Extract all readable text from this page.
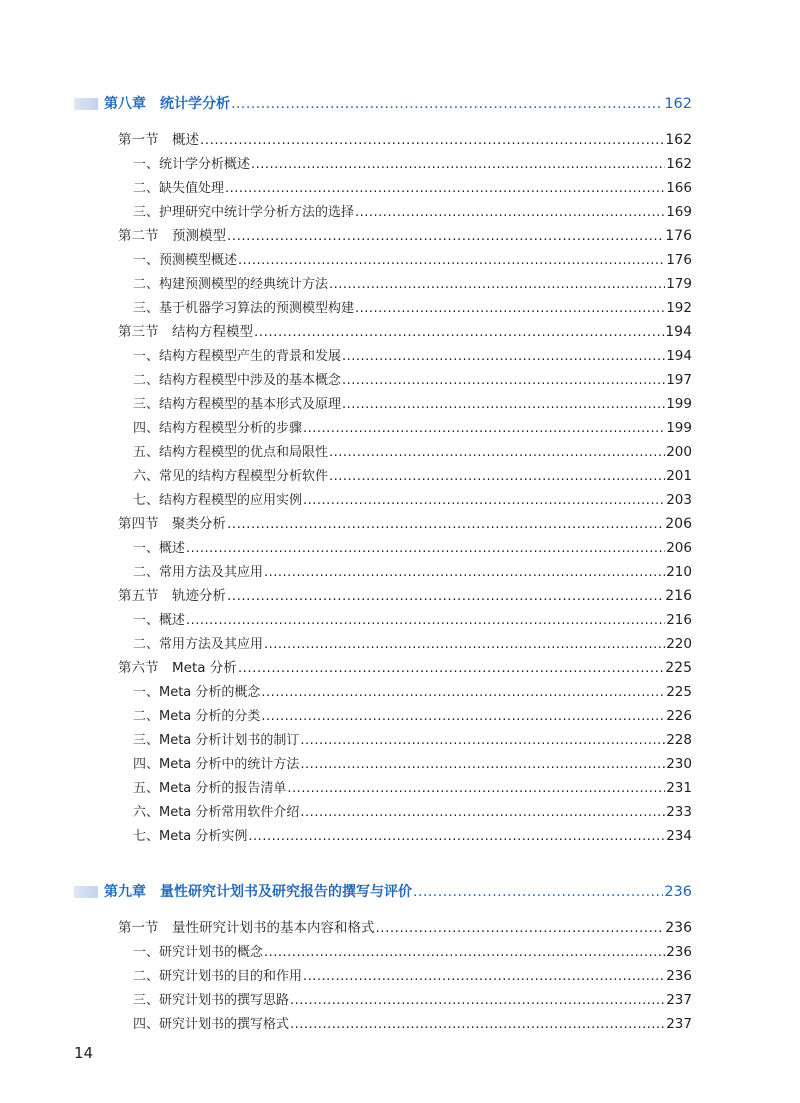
第八章　统计学分析 .....	162
第一节　概述 .....	162
一、统计学分析概述 .....	162
二、缺失值处理 .....	166
三、护理研究中统计学分析方法的选择 .....	169
第二节　预测模型 .....	176
一、预测模型概述 .....	176
二、构建预测模型的经典统计方法 .....	179
三、基于机器学习算法的预测模型构建 .....	192
第三节　结构方程模型 .....	194
一、结构方程模型产生的背景和发展 .....	194
二、结构方程模型中涉及的基本概念 .....	197
三、结构方程模型的基本形式及原理 .....	199
四、结构方程模型分析的步骤 .....	199
五、结构方程模型的优点和局限性 .....	200
六、常见的结构方程模型分析软件 .....	201
七、结构方程模型的应用实例 .....	203
第四节　聚类分析 .....	206
一、概述 .....	206
二、常用方法及其应用 .....	210
第五节　轨迹分析 .....	216
一、概述 .....	216
二、常用方法及其应用 .....	220
第六节　Meta 分析 .....	225
一、Meta 分析的概念 .....	225
二、Meta 分析的分类 .....	226
三、Meta 分析计划书的制订 .....	228
四、Meta 分析中的统计方法 .....	230
五、Meta 分析的报告清单 .....	231
六、Meta 分析常用软件介绍 .....	233
七、Meta 分析实例 .....	234
第九章　量性研究计划书及研究报告的撰写与评价 .....	236
第一节　量性研究计划书的基本内容和格式 .....	236
一、研究计划书的概念 .....	236
二、研究计划书的目的和作用 .....	236
三、研究计划书的撰写思路 .....	237
四、研究计划书的撰写格式 .....	237
14
